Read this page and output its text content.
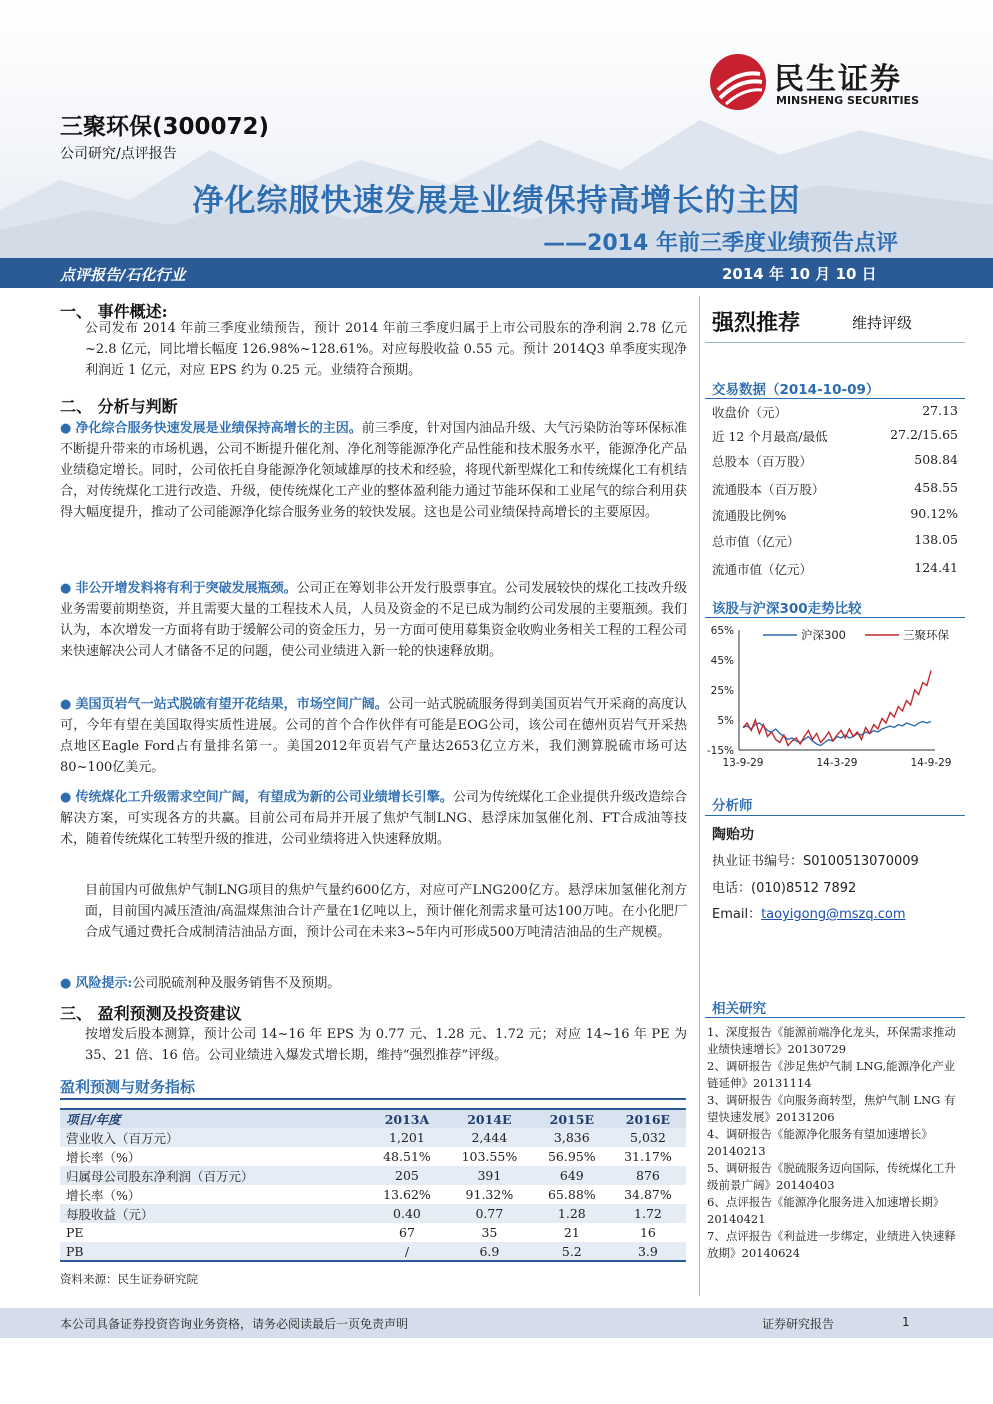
民生证券
MINSHENG SECURITIES
三聚环保(300072)
公司研究/点评报告
净化综服快速发展是业绩保持高增长的主因
——2014 年前三季度业绩预告点评
点评报告/石化行业	2014 年 10 月 10 日
一、 事件概述:
公司发布 2014 年前三季度业绩预告，预计 2014 年前三季度归属于上市公司股东的净利润 2.78 亿元~2.8 亿元，同比增长幅度 126.98%~128.61%。对应每股收益 0.55 元。预计 2014Q3 单季度实现净利润近 1 亿元，对应 EPS 约为 0.25 元。业绩符合预期。
二、 分析与判断
● 净化综合服务快速发展是业绩保持高增长的主因。前三季度，针对国内油品升级、大气污染防治等环保标准不断提升带来的市场机遇，公司不断提升催化剂、净化剂等能源净化产品性能和技术服务水平，能源净化产品业绩稳定增长。同时，公司依托自身能源净化领域雄厚的技术和经验，将现代新型煤化工和传统煤化工有机结合，对传统煤化工进行改造、升级，使传统煤化工产业的整体盈利能力通过节能环保和工业尾气的综合利用获得大幅度提升，推动了公司能源净化综合服务业务的较快发展。这也是公司业绩保持高增长的主要原因。
● 非公开增发料将有利于突破发展瓶颈。公司正在筹划非公开发行股票事宜。公司发展较快的煤化工技改升级业务需要前期垫资，并且需要大量的工程技术人员，人员及资金的不足已成为制约公司发展的主要瓶颈。我们认为，本次增发一方面将有助于缓解公司的资金压力，另一方面可使用募集资金收购业务相关工程的工程公司来快速解决公司人才储备不足的问题，使公司业绩进入新一轮的快速释放期。
● 美国页岩气一站式脱硫有望开花结果，市场空间广阔。公司一站式脱硫服务得到美国页岩气开采商的高度认可，今年有望在美国取得实质性进展。公司的首个合作伙伴有可能是EOG公司，该公司在德州页岩气开采热点地区Eagle Ford占有量排名第一。美国2012年页岩气产量达2653亿立方米，我们测算脱硫市场可达80~100亿美元。
● 传统煤化工升级需求空间广阔，有望成为新的公司业绩增长引擎。公司为传统煤化工企业提供升级改造综合解决方案，可实现各方的共赢。目前公司布局并开展了焦炉气制LNG、悬浮床加氢催化剂、FT合成油等技术，随着传统煤化工转型升级的推进，公司业绩将进入快速释放期。
目前国内可做焦炉气制LNG项目的焦炉气量约600亿方，对应可产LNG200亿方。悬浮床加氢催化剂方面，目前国内减压渣油/高温煤焦油合计产量在1亿吨以上，预计催化剂需求量可达100万吨。在小化肥厂合成气通过费托合成制清洁油品方面，预计公司在未来3~5年内可形成500万吨清洁油品的生产规模。
● 风险提示:公司脱硫剂种及服务销售不及预期。
三、 盈利预测及投资建议
按增发后股本测算，预计公司 14~16 年 EPS 为 0.77 元、1.28 元、1.72 元；对应 14~16 年 PE 为 35、21 倍、16 倍。公司业绩进入爆发式增长期，维持“强烈推荐”评级。
盈利预测与财务指标
项目/年度	2013A	2014E	2015E	2016E
营业收入（百万元）	1,201	2,444	3,836	5,032
增长率（%）	48.51%	103.55%	56.95%	31.17%
归属母公司股东净利润（百万元）	205	391	649	876
增长率（%）	13.62%	91.32%	65.88%	34.87%
每股收益（元）	0.40	0.77	1.28	1.72
PE	67	35	21	16
PB	/	6.9	5.2	3.9
资料来源：民生证券研究院
强烈推荐	维持评级
交易数据（2014-10-09）
收盘价（元）	27.13
近 12 个月最高/最低	27.2/15.65
总股本（百万股）	508.84
流通股本（百万股）	458.55
流通股比例%	90.12%
总市值（亿元）	138.05
流通市值（亿元）	124.41
该股与沪深300走势比较
65%
45%
25%
5%
-15%
13-9-29	14-3-29	14-9-29
沪深300	三聚环保
分析师
陶贻功
执业证书编号：S0100513070009
电话：(010)8512 7892
Email：taoyigong@mszq.com
相关研究
1、深度报告《能源前端净化龙头，环保需求推动业绩快速增长》20130729
2、调研报告《涉足焦炉气制 LNG,能源净化产业链延伸》20131114
3、调研报告《向服务商转型，焦炉气制 LNG 有望快速发展》20131206
4、调研报告《能源净化服务有望加速增长》20140213
5、调研报告《脱硫服务迈向国际，传统煤化工升级前景广阔》20140403
6、点评报告《能源净化服务进入加速增长期》20140421
7、点评报告《利益进一步绑定，业绩进入快速释放期》20140624
本公司具备证券投资咨询业务资格，请务必阅读最后一页免责声明	证券研究报告	1
